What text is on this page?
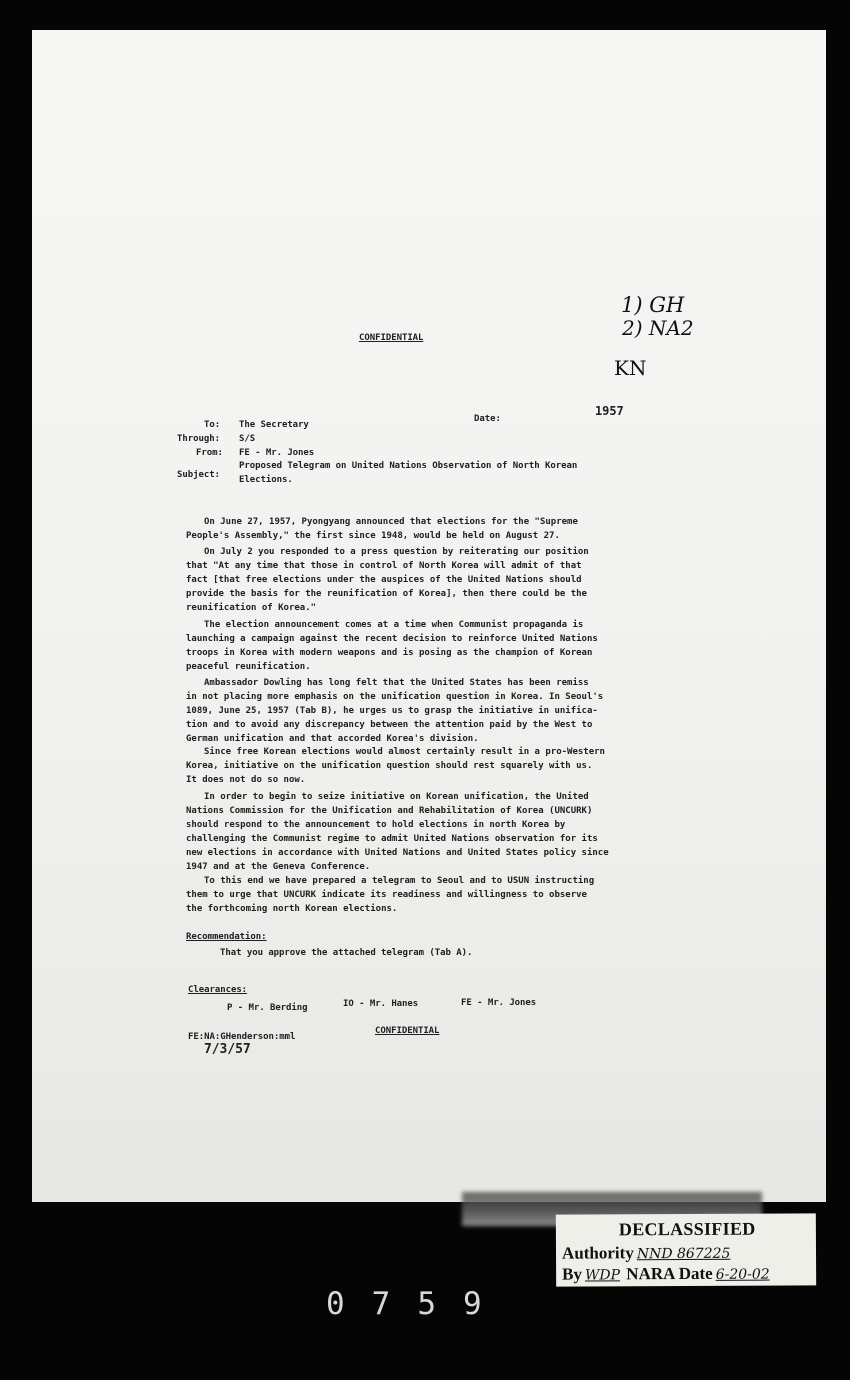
CONFIDENTIAL
1) GH
2) NA2
KN
Date:
1957
To: The Secretary
Through: S/S
From: FE - Mr. Jones
Subject:
Proposed Telegram on United Nations Observation of North Korean
Elections.
On June 27, 1957, Pyongyang announced that elections for the "Supreme
People's Assembly," the first since 1948, would be held on August 27.
On July 2 you responded to a press question by reiterating our position
that "At any time that those in control of North Korea will admit of that
fact [that free elections under the auspices of the United Nations should
provide the basis for the reunification of Korea], then there could be the
reunification of Korea."
The election announcement comes at a time when Communist propaganda is
launching a campaign against the recent decision to reinforce United Nations
troops in Korea with modern weapons and is posing as the champion of Korean
peaceful reunification.
Ambassador Dowling has long felt that the United States has been remiss
in not placing more emphasis on the unification question in Korea. In Seoul's
1089, June 25, 1957 (Tab B), he urges us to grasp the initiative in unifica-
tion and to avoid any discrepancy between the attention paid by the West to
German unification and that accorded Korea's division.
Since free Korean elections would almost certainly result in a pro-Western
Korea, initiative on the unification question should rest squarely with us.
It does not do so now.
In order to begin to seize initiative on Korean unification, the United
Nations Commission for the Unification and Rehabilitation of Korea (UNCURK)
should respond to the announcement to hold elections in north Korea by
challenging the Communist regime to admit United Nations observation for its
new elections in accordance with United Nations and United States policy since
1947 and at the Geneva Conference.
To this end we have prepared a telegram to Seoul and to USUN instructing
them to urge that UNCURK indicate its readiness and willingness to observe
the forthcoming north Korean elections.
Recommendation:
That you approve the attached telegram (Tab A).
Clearances:
P - Mr. Berding	IO - Mr. Hanes	FE - Mr. Jones
FE:NA:GHenderson:mml
7/3/57
CONFIDENTIAL
DECLASSIFIED
Authority NND 867225
By WDP NARA Date 6-20-02
0759
